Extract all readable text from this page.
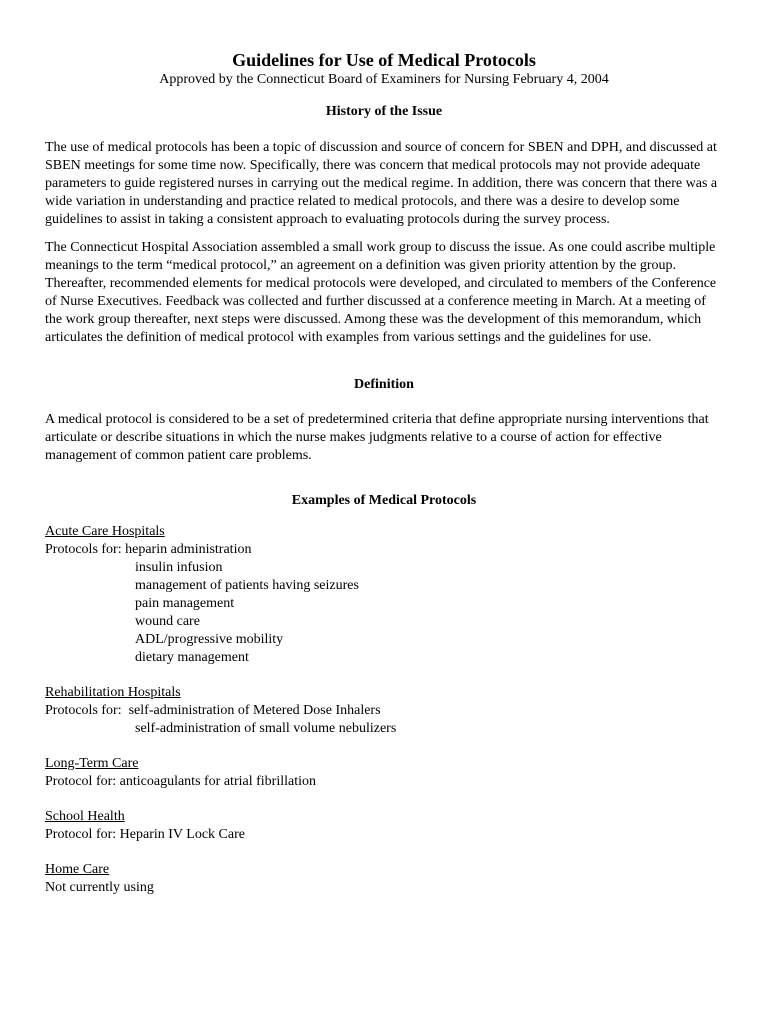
Guidelines for Use of Medical Protocols
Approved by the Connecticut Board of Examiners for Nursing February 4, 2004
History of the Issue

The use of medical protocols has been a topic of discussion and source of concern for SBEN and DPH, and discussed at SBEN meetings for some time now. Specifically, there was concern that medical protocols may not provide adequate parameters to guide registered nurses in carrying out the medical regime. In addition, there was concern that there was a wide variation in understanding and practice related to medical protocols, and there was a desire to develop some guidelines to assist in taking a consistent approach to evaluating protocols during the survey process.

The Connecticut Hospital Association assembled a small work group to discuss the issue. As one could ascribe multiple meanings to the term “medical protocol,” an agreement on a definition was given priority attention by the group. Thereafter, recommended elements for medical protocols were developed, and circulated to members of the Conference of Nurse Executives. Feedback was collected and further discussed at a conference meeting in March. At a meeting of the work group thereafter, next steps were discussed. Among these was the development of this memorandum, which articulates the definition of medical protocol with examples from various settings and the guidelines for use.

Definition

A medical protocol is considered to be a set of predetermined criteria that define appropriate nursing interventions that articulate or describe situations in which the nurse makes judgments relative to a course of action for effective management of common patient care problems.

Examples of Medical Protocols
Acute Care Hospitals
Protocols for: heparin administration
insulin infusion
management of patients having seizures
pain management
wound care
ADL/progressive mobility
dietary management
Rehabilitation Hospitals
Protocols for: self-administration of Metered Dose Inhalers
self-administration of small volume nebulizers
Long-Term Care
Protocol for: anticoagulants for atrial fibrillation
School Health
Protocol for: Heparin IV Lock Care
Home Care
Not currently using
